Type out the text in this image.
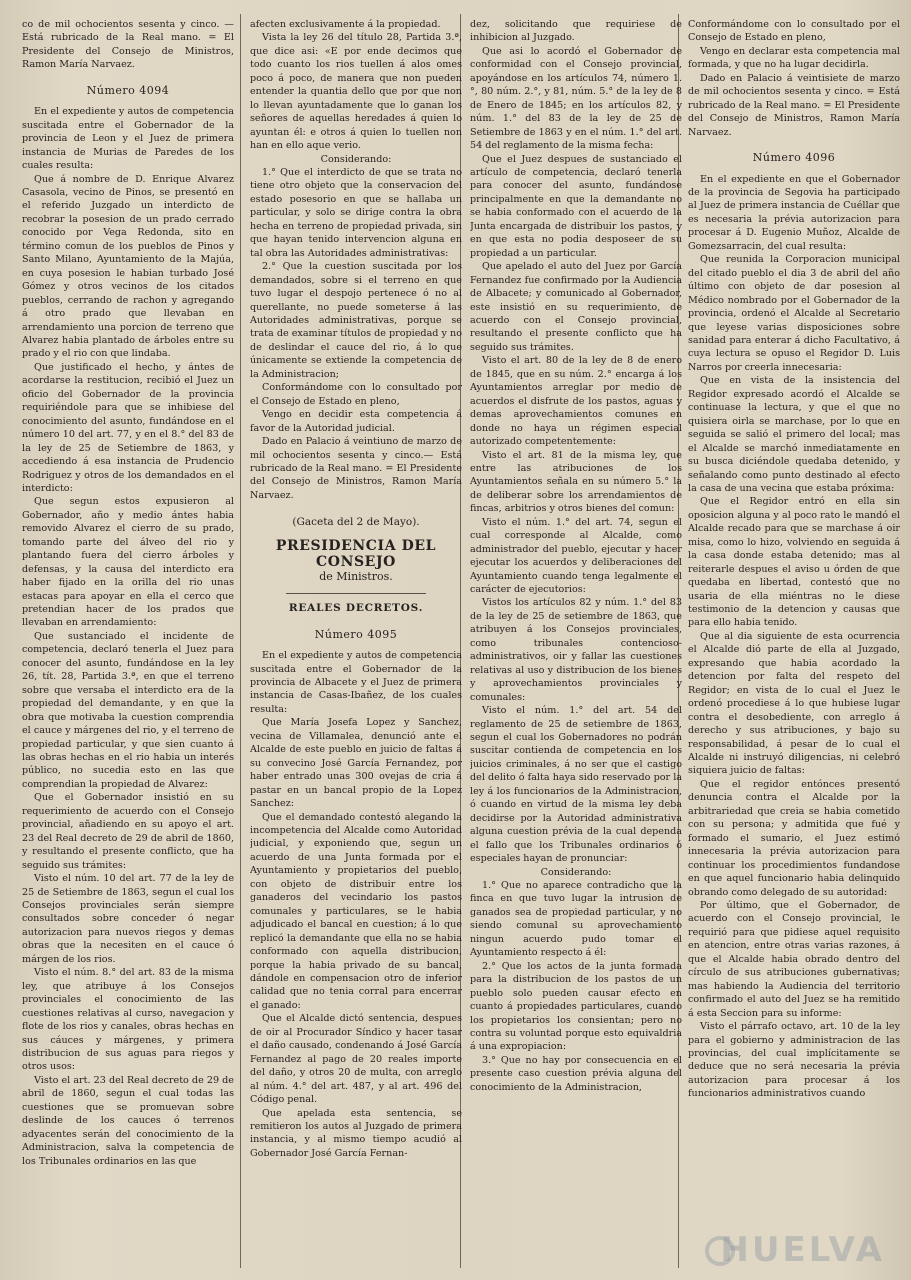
co de mil ochocientos sesenta y cinco. —Está rubricado de la Real mano. = El Presidente del Consejo de Ministros, Ramon María Narvaez.

Número 4094

En el expediente y autos de competencia suscitada entre el Gobernador de la provincia de Leon y el Juez de primera instancia de Murias de Paredes de los cuales resulta:

Que á nombre de D. Enrique Alvarez Casasola, vecino de Pinos, se presentó en el referido Juzgado un interdicto de recobrar la posesion de un prado cerrado conocido por Vega Redonda, sito en término comun de los pueblos de Pinos y Santo Milano, Ayuntamiento de la Majúa, en cuya posesion le habian turbado José Gómez y otros vecinos de los citados pueblos, cerrando de rachon y agregando á otro prado que llevaban en arrendamiento una porcion de terreno que Alvarez habia plantado de árboles entre su prado y el rio con que lindaba.

Que justificado el hecho, y ántes de acordarse la restitucion, recibió el Juez un oficio del Gobernador de la provincia requiriéndole para que se inhibiese del conocimiento del asunto, fundándose en el número 10 del art. 77, y en el 8.° del 83 de la ley de 25 de Setiembre de 1863, y accediendo á esa instancia de Prudencio Rodriguez y otros de los demandados en el interdicto:

Que segun estos expusieron al Gobernador, año y medio ántes habia removido Alvarez el cierro de su prado, tomando parte del álveo del rio y plantando fuera del cierro árboles y defensas, y la causa del interdicto era haber fijado en la orilla del rio unas estacas para apoyar en ella el cerco que pretendian hacer de los prados que llevaban en arrendamiento:

Que sustanciado el incidente de competencia, declaró tenerla el Juez para conocer del asunto, fundándose en la ley 26, tít. 28, Partida 3.ª, en que el terreno sobre que versaba el interdicto era de la propiedad del demandante, y en que la obra que motivaba la cuestion comprendia el cauce y márgenes del rio, y el terreno de propiedad particular, y que sien cuanto á las obras hechas en el rio habia un interés público, no sucedia esto en las que comprendian la propiedad de Alvarez:

Que el Gobernador insistió en su requerimiento de acuerdo con el Consejo provincial, añadiendo en su apoyo el art. 23 del Real decreto de 29 de abril de 1860, y resultando el presente conflicto, que ha seguido sus trámites:

Visto el núm. 10 del art. 77 de la ley de 25 de Setiembre de 1863, segun el cual los Consejos provinciales serán siempre consultados sobre conceder ó negar autorizacion para nuevos riegos y demas obras que la necesiten en el cauce ó márgen de los rios.

Visto el núm. 8.° del art. 83 de la misma ley, que atribuye á los Consejos provinciales el conocimiento de las cuestiones relativas al curso, navegacion y flote de los rios y canales, obras hechas en sus cáuces y márgenes, y primera distribucion de sus aguas para riegos y otros usos:

Visto el art. 23 del Real decreto de 29 de abril de 1860, segun el cual todas las cuestiones que se promuevan sobre deslinde de los cauces ó terrenos adyacentes serán del conocimiento de la Administracion, salva la competencia de los Tribunales ordinarios en las que

afecten exclusivamente á la propiedad.

Vista la ley 26 del título 28, Partida 3.ª, que dice asi: «E por ende decimos que todo cuanto los rios tuellen á alos omes poco á poco, de manera que non pueden entender la quantia dello que por que non lo llevan ayuntadamente que lo ganan los señores de aquellas heredades á quien lo ayuntan él: e otros á quien lo tuellen non han en ello aque verio.

Considerando:

1.° Que el interdicto de que se trata no tiene otro objeto que la conservacion del estado posesorio en que se hallaba un particular, y solo se dirige contra la obra hecha en terreno de propiedad privada, sin que hayan tenido intervencion alguna en tal obra las Autoridades administrativas:

2.° Que la cuestion suscitada por los demandados, sobre si el terreno en que tuvo lugar el despojo pertenece ó no al querellante, no puede someterse á las Autoridades administrativas, porque se trata de examinar títulos de propiedad y no de deslindar el cauce del rio, á lo que únicamente se extiende la competencia de la Administracion;

Conformándome con lo consultado por el Consejo de Estado en pleno,

Vengo en decidir esta competencia á favor de la Autoridad judicial.

Dado en Palacio á veintiuno de marzo de mil ochocientos sesenta y cinco.— Está rubricado de la Real mano. = El Presidente del Consejo de Ministros, Ramon María Narvaez.

(Gaceta del 2 de Mayo).

PRESIDENCIA DEL CONSEJO

de Ministros.

REALES DECRETOS.

Número 4095

En el expediente y autos de competencia suscitada entre el Gobernador de la provincia de Albacete y el Juez de primera instancia de Casas-Ibañez, de los cuales resulta:

Que María Josefa Lopez y Sanchez, vecina de Villamalea, denunció ante el Alcalde de este pueblo en juicio de faltas á su convecino José García Fernandez, por haber entrado unas 300 ovejas de cria á pastar en un bancal propio de la Lopez Sanchez:

Que el demandado contestó alegando la incompetencia del Alcalde como Autoridad judicial, y exponiendo que, segun un acuerdo de una Junta formada por el Ayuntamiento y propietarios del pueblo, con objeto de distribuir entre los ganaderos del vecindario los pastos comunales y particulares, se le habia adjudicado el bancal en cuestion; á lo que replicó la demandante que ella no se habia conformado con aquella distribucion, porque la habia privado de su bancal, dándole en compensacion otro de inferior calidad que no tenia corral para encerrar el ganado:

Que el Alcalde dictó sentencia, despues de oir al Procurador Síndico y hacer tasar el daño causado, condenando á José García Fernandez al pago de 20 reales importe del daño, y otros 20 de multa, con arreglo al núm. 4.° del art. 487, y al art. 496 del Código penal.

Que apelada esta sentencia, se remitieron los autos al Juzgado de primera instancia, y al mismo tiempo acudió al Gobernador José García Fernan-

dez, solicitando que requiriese de inhibicion al Juzgado.

Que asi lo acordó el Gobernador de conformidad con el Consejo provincial, apoyándose en los artículos 74, número 1.°, 80 núm. 2.°, y 81, núm. 5.° de la ley de 8 de Enero de 1845; en los artículos 82, y núm. 1.° del 83 de la ley de 25 de Setiembre de 1863 y en el núm. 1.° del art. 54 del reglamento de la misma fecha:

Que el Juez despues de sustanciado el artículo de competencia, declaró tenerla para conocer del asunto, fundándose principalmente en que la demandante no se habia conformado con el acuerdo de la Junta encargada de distribuir los pastos, y en que esta no podia desposeer de su propiedad a un particular.

Que apelado el auto del Juez por García Fernandez fue confirmado por la Audiencia de Albacete; y comunicado al Gobernador, este insistió en su requerimiento, de acuerdo con el Consejo provincial, resultando el presente conflicto que ha seguido sus trámites.

Visto el art. 80 de la ley de 8 de enero de 1845, que en su núm. 2.° encarga á los Ayuntamientos arreglar por medio de acuerdos el disfrute de los pastos, aguas y demas aprovechamientos comunes en donde no haya un régimen especial autorizado competentemente:

Visto el art. 81 de la misma ley, que entre las atribuciones de los Ayuntamientos señala en su número 5.° la de deliberar sobre los arrendamientos de fincas, arbitrios y otros bienes del comun:

Visto el núm. 1.° del art. 74, segun el cual corresponde al Alcalde, como administrador del pueblo, ejecutar y hacer ejecutar los acuerdos y deliberaciones del Ayuntamiento cuando tenga legalmente el carácter de ejecutorios:

Vistos los artículos 82 y núm. 1.° del 83 de la ley de 25 de setiembre de 1863, que atribuyen á los Consejos provinciales, como tribunales contencioso-administrativos, oir y fallar las cuestiones relativas al uso y distribucion de los bienes y aprovechamientos provinciales y comunales:

Visto el núm. 1.° del art. 54 del reglamento de 25 de setiembre de 1863, segun el cual los Gobernadores no podrán suscitar contienda de competencia en los juicios criminales, á no ser que el castigo del delito ó falta haya sido reservado por la ley á los funcionarios de la Administracion, ó cuando en virtud de la misma ley deba decidirse por la Autoridad administrativa alguna cuestion prévia de la cual dependa el fallo que los Tribunales ordinarios ó especiales hayan de pronunciar:

Considerando:

1.° Que no aparece contradicho que la finca en que tuvo lugar la intrusion de ganados sea de propiedad particular, y no siendo comunal su aprovechamiento ningun acuerdo pudo tomar el Ayuntamiento respecto á él:

2.° Que los actos de la junta formada para la distribucion de los pastos de un pueblo solo pueden causar efecto en cuanto á propiedades particulares, cuando los propietarios los consientan; pero no contra su voluntad porque esto equivaldria á una expropiacion:

3.° Que no hay por consecuencia en el presente caso cuestion prévia alguna del conocimiento de la Administracion,

Conformándome con lo consultado por el Consejo de Estado en pleno,

Vengo en declarar esta competencia mal formada, y que no ha lugar decidirla.

Dado en Palacio á veintisiete de marzo de mil ochocientos sesenta y cinco. = Está rubricado de la Real mano. = El Presidente del Consejo de Ministros, Ramon María Narvaez.

Número 4096

En el expediente en que el Gobernador de la provincia de Segovia ha participado al Juez de primera instancia de Cuéllar que es necesaria la prévia autorizacion para procesar á D. Eugenio Muñoz, Alcalde de Gomezsarracin, del cual resulta:

Que reunida la Corporacion municipal del citado pueblo el dia 3 de abril del año último con objeto de dar posesion al Médico nombrado por el Gobernador de la provincia, ordenó el Alcalde al Secretario que leyese varias disposiciones sobre sanidad para enterar á dicho Facultativo, á cuya lectura se opuso el Regidor D. Luis Narros por creerla innecesaria:

Que en vista de la insistencia del Regidor expresado acordó el Alcalde se continuase la lectura, y que el que no quisiera oirla se marchase, por lo que en seguida se salió el primero del local; mas el Alcalde se marchó inmediatamente en su busca diciéndole quedaba detenido, y señalando como punto destinado al efecto la casa de una vecina que estaba próxima:

Que el Regidor entró en ella sin oposicion alguna y al poco rato le mandó el Alcalde recado para que se marchase á oir misa, como lo hizo, volviendo en seguida á la casa donde estaba detenido; mas al reiterarle despues el aviso u órden de que quedaba en libertad, contestó que no usaria de ella miéntras no le diese testimonio de la detencion y causas que para ello habia tenido.

Que al dia siguiente de esta ocurrencia el Alcalde dió parte de ella al Juzgado, expresando que habia acordado la detencion por falta del respeto del Regidor; en vista de lo cual el Juez le ordenó procediese á lo que hubiese lugar contra el desobediente, con arreglo á derecho y sus atribuciones, y bajo su responsabilidad, á pesar de lo cual el Alcalde ni instruyó diligencias, ni celebró siquiera juicio de faltas:

Que el regidor entónces presentó denuncia contra el Alcalde por la arbitrariedad que creia se habia cometido con su persona; y admitida que fué y formado el sumario, el Juez estimó innecesaria la prévia autorizacion para continuar los procedimientos fundandose en que aquel funcionario habia delinquido obrando como delegado de su autoridad:

Por último, que el Gobernador, de acuerdo con el Consejo provincial, le requirió para que pidiese aquel requisito en atencion, entre otras varias razones, á que el Alcalde habia obrado dentro del círculo de sus atribuciones gubernativas; mas habiendo la Audiencia del territorio confirmado el auto del Juez se ha remitido á esta Seccion para su informe:

Visto el párrafo octavo, art. 10 de la ley para el gobierno y administracion de las provincias, del cual implícitamente se deduce que no será necesaria la prévia autorizacion para procesar á los funcionarios administrativos cuando

HUELVA
